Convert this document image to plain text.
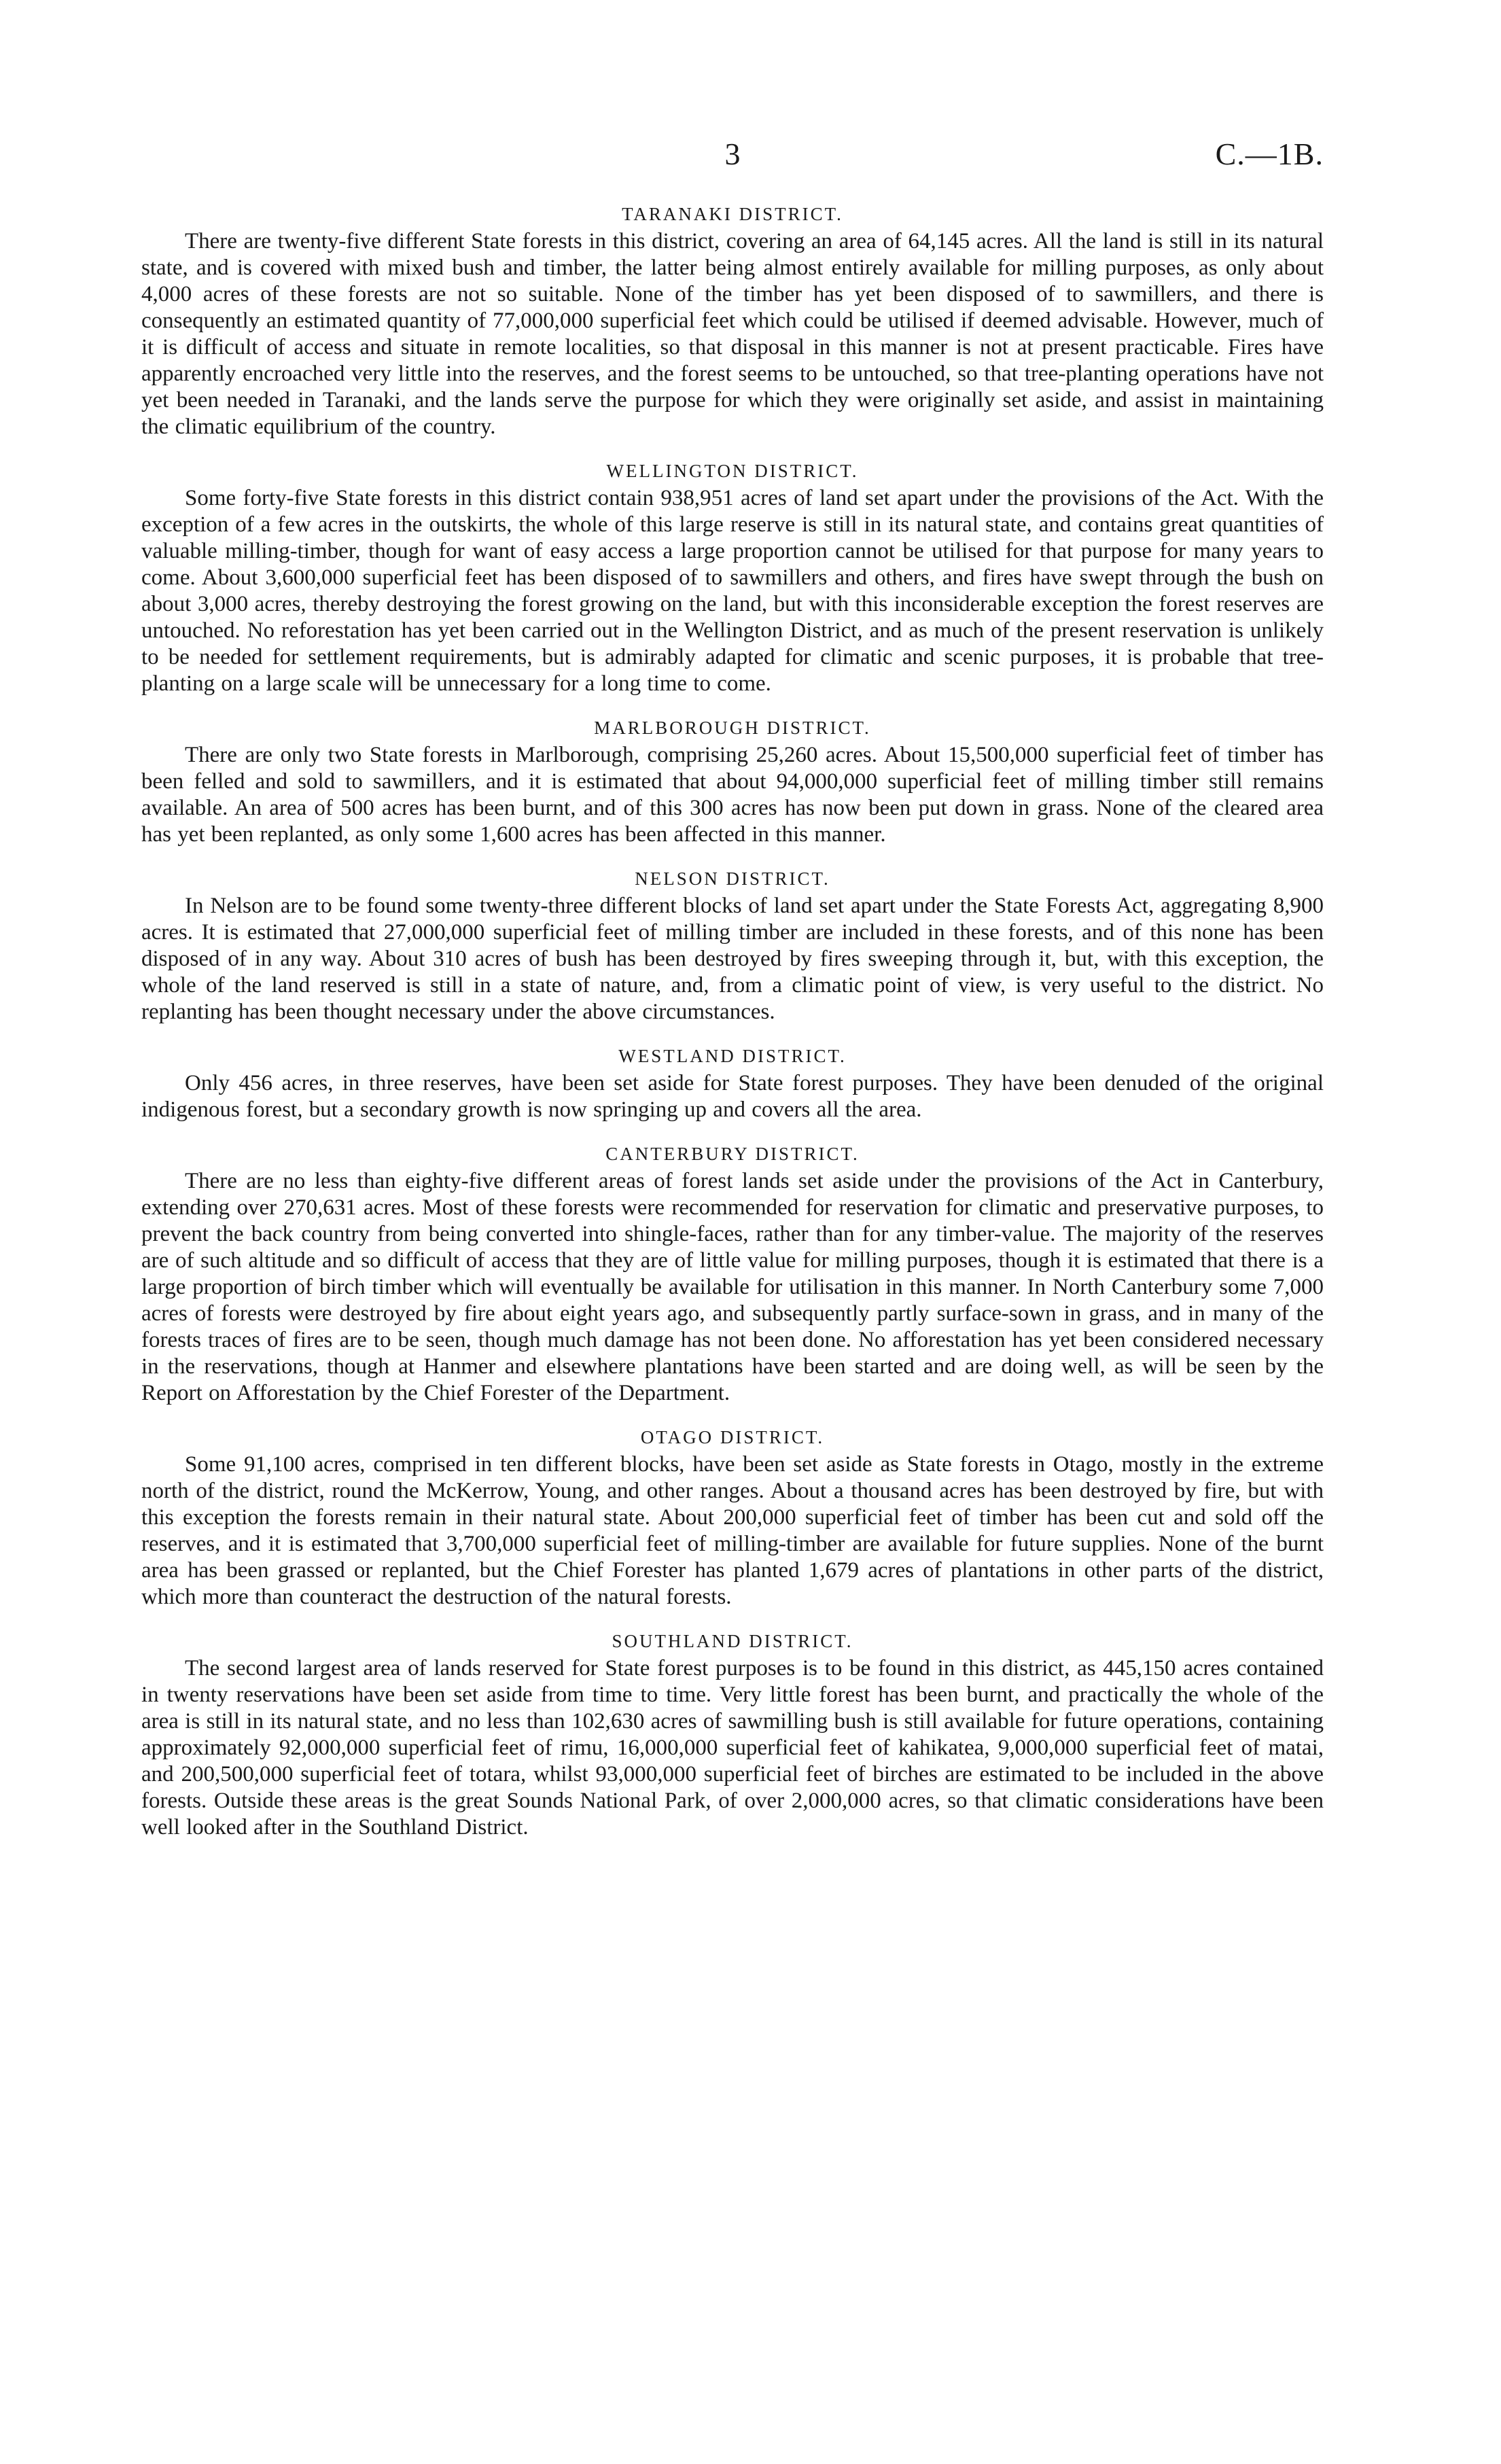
3	C.—1B.
TARANAKI DISTRICT.

There are twenty-five different State forests in this district, covering an area of 64,145 acres. All the land is still in its natural state, and is covered with mixed bush and timber, the latter being almost entirely available for milling purposes, as only about 4,000 acres of these forests are not so suitable. None of the timber has yet been disposed of to sawmillers, and there is consequently an estimated quantity of 77,000,000 superficial feet which could be utilised if deemed advisable. However, much of it is difficult of access and situate in remote localities, so that disposal in this manner is not at present practicable. Fires have apparently encroached very little into the reserves, and the forest seems to be untouched, so that tree-planting operations have not yet been needed in Taranaki, and the lands serve the purpose for which they were originally set aside, and assist in maintaining the climatic equilibrium of the country.

WELLINGTON DISTRICT.

Some forty-five State forests in this district contain 938,951 acres of land set apart under the provisions of the Act. With the exception of a few acres in the outskirts, the whole of this large reserve is still in its natural state, and contains great quantities of valuable milling-timber, though for want of easy access a large proportion cannot be utilised for that purpose for many years to come. About 3,600,000 superficial feet has been disposed of to sawmillers and others, and fires have swept through the bush on about 3,000 acres, thereby destroying the forest growing on the land, but with this inconsiderable exception the forest reserves are untouched. No reforestation has yet been carried out in the Wellington District, and as much of the present reservation is unlikely to be needed for settlement requirements, but is admirably adapted for climatic and scenic purposes, it is probable that tree-planting on a large scale will be unnecessary for a long time to come.

MARLBOROUGH DISTRICT.

There are only two State forests in Marlborough, comprising 25,260 acres. About 15,500,000 superficial feet of timber has been felled and sold to sawmillers, and it is estimated that about 94,000,000 superficial feet of milling timber still remains available. An area of 500 acres has been burnt, and of this 300 acres has now been put down in grass. None of the cleared area has yet been replanted, as only some 1,600 acres has been affected in this manner.

NELSON DISTRICT.

In Nelson are to be found some twenty-three different blocks of land set apart under the State Forests Act, aggregating 8,900 acres. It is estimated that 27,000,000 superficial feet of milling timber are included in these forests, and of this none has been disposed of in any way. About 310 acres of bush has been destroyed by fires sweeping through it, but, with this exception, the whole of the land reserved is still in a state of nature, and, from a climatic point of view, is very useful to the district. No replanting has been thought necessary under the above circumstances.

WESTLAND DISTRICT.

Only 456 acres, in three reserves, have been set aside for State forest purposes. They have been denuded of the original indigenous forest, but a secondary growth is now springing up and covers all the area.

CANTERBURY DISTRICT.

There are no less than eighty-five different areas of forest lands set aside under the provisions of the Act in Canterbury, extending over 270,631 acres. Most of these forests were recommended for reservation for climatic and preservative purposes, to prevent the back country from being converted into shingle-faces, rather than for any timber-value. The majority of the reserves are of such altitude and so difficult of access that they are of little value for milling purposes, though it is estimated that there is a large proportion of birch timber which will eventually be available for utilisation in this manner. In North Canterbury some 7,000 acres of forests were destroyed by fire about eight years ago, and subsequently partly surface-sown in grass, and in many of the forests traces of fires are to be seen, though much damage has not been done. No afforestation has yet been considered necessary in the reservations, though at Hanmer and elsewhere plantations have been started and are doing well, as will be seen by the Report on Afforestation by the Chief Forester of the Department.

OTAGO DISTRICT.

Some 91,100 acres, comprised in ten different blocks, have been set aside as State forests in Otago, mostly in the extreme north of the district, round the McKerrow, Young, and other ranges. About a thousand acres has been destroyed by fire, but with this exception the forests remain in their natural state. About 200,000 superficial feet of timber has been cut and sold off the reserves, and it is estimated that 3,700,000 superficial feet of milling-timber are available for future supplies. None of the burnt area has been grassed or replanted, but the Chief Forester has planted 1,679 acres of plantations in other parts of the district, which more than counteract the destruction of the natural forests.

SOUTHLAND DISTRICT.

The second largest area of lands reserved for State forest purposes is to be found in this district, as 445,150 acres contained in twenty reservations have been set aside from time to time. Very little forest has been burnt, and practically the whole of the area is still in its natural state, and no less than 102,630 acres of sawmilling bush is still available for future operations, containing approximately 92,000,000 superficial feet of rimu, 16,000,000 superficial feet of kahikatea, 9,000,000 superficial feet of matai, and 200,500,000 superficial feet of totara, whilst 93,000,000 superficial feet of birches are estimated to be included in the above forests. Outside these areas is the great Sounds National Park, of over 2,000,000 acres, so that climatic considerations have been well looked after in the Southland District.
